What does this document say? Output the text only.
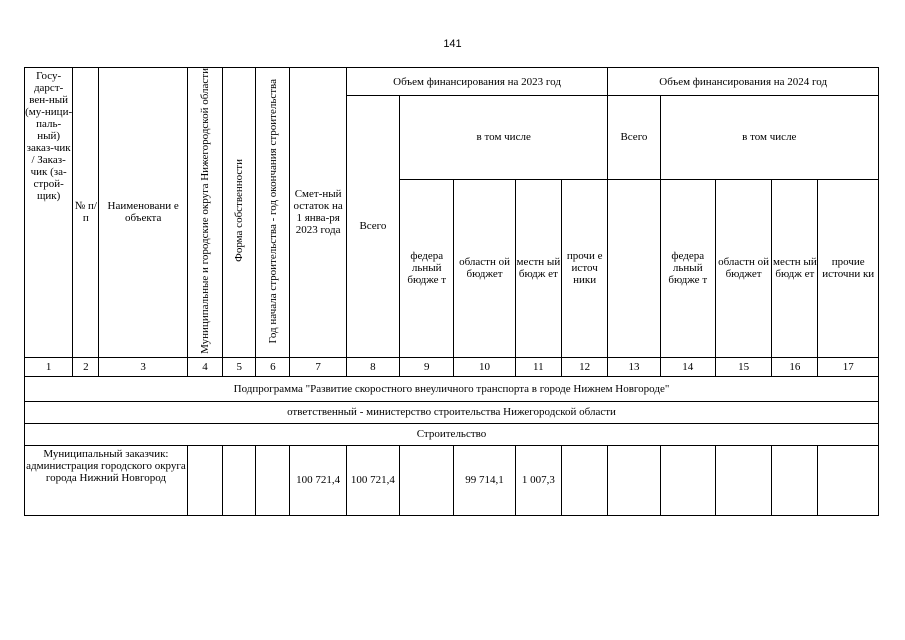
141
Госу-дарст-вен-ный (му-ници-паль-ный) заказ-чик / Заказ-чик (за-строй-щик)	№ п/п	Наименовани е объекта	Муниципальные и городские округа Нижегородской области	Форма собственности	Год начала строительства - год окончания строительства	Смет-ный остаток на 1 янва-ря 2023 года	Объем финансирования на 2023 год					Объем финансирования на 2024 год				
							Всего	в том числе				Всего	в том числе			
								федера льный бюдже т	областн ой бюджет	местн ый бюдж ет	прочи е источ ники		федера льный бюдже т	областн ой бюджет	местн ый бюдж ет	прочие источни ки

1	2	3	4	5	6	7	8	9	10	11	12	13	14	15	16	17
Подпрограмма "Развитие скоростного внеуличного транспорта в городе Нижнем Новгороде"																
ответственный - министерство строительства Нижегородской области																
Строительство																
Муниципальный заказчик: администрация городского округа города Нижний Новгород						100 721,4	100 721,4		99 714,1	1 007,3						
